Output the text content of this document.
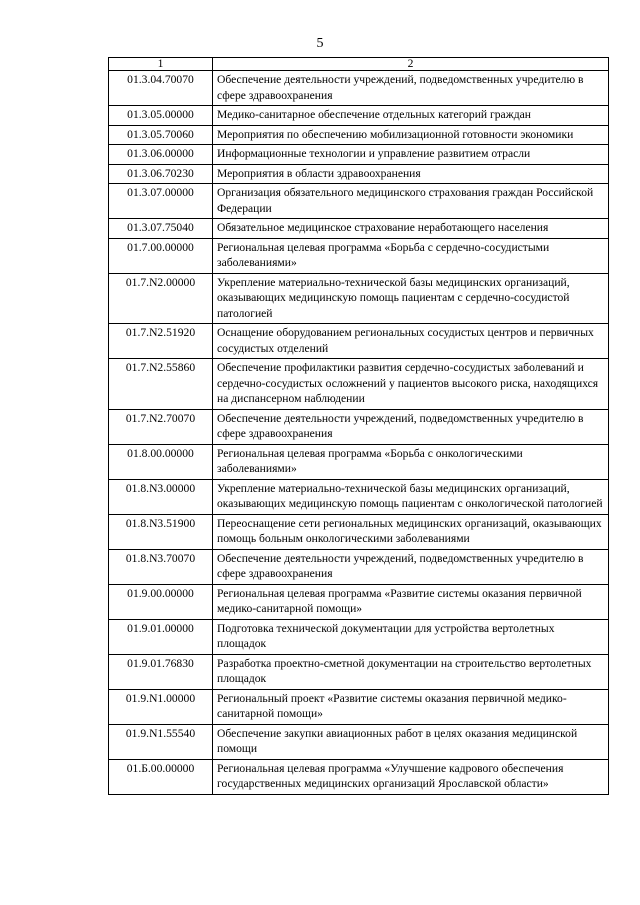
5
1	2
01.3.04.70070	Обеспечение деятельности учреждений, подведомственных учредителю в сфере здравоохранения
01.3.05.00000	Медико-санитарное обеспечение отдельных категорий граждан
01.3.05.70060	Мероприятия по обеспечению мобилизационной готовности экономики
01.3.06.00000	Информационные технологии и управление развитием отрасли
01.3.06.70230	Мероприятия в области здравоохранения
01.3.07.00000	Организация обязательного медицинского страхования граждан Российской Федерации
01.3.07.75040	Обязательное медицинское страхование неработающего населения
01.7.00.00000	Региональная целевая программа «Борьба с сердечно-сосудистыми заболеваниями»
01.7.N2.00000	Укрепление материально-технической базы медицинских организаций, оказывающих медицинскую помощь пациентам с сердечно-сосудистой патологией
01.7.N2.51920	Оснащение оборудованием региональных сосудистых центров и первичных сосудистых отделений
01.7.N2.55860	Обеспечение профилактики развития сердечно-сосудистых заболеваний и сердечно-сосудистых осложнений у пациентов высокого риска, находящихся на диспансерном наблюдении
01.7.N2.70070	Обеспечение деятельности учреждений, подведомственных учредителю в сфере здравоохранения
01.8.00.00000	Региональная целевая программа «Борьба с онкологическими заболеваниями»
01.8.N3.00000	Укрепление материально-технической базы медицинских организаций, оказывающих медицинскую помощь пациентам с онкологической патологией
01.8.N3.51900	Переоснащение сети региональных медицинских организаций, оказывающих помощь больным онкологическими заболеваниями
01.8.N3.70070	Обеспечение деятельности учреждений, подведомственных учредителю в сфере здравоохранения
01.9.00.00000	Региональная целевая программа «Развитие системы оказания первичной медико-санитарной помощи»
01.9.01.00000	Подготовка технической документации для устройства вертолетных площадок
01.9.01.76830	Разработка проектно-сметной документации на строительство вертолетных площадок
01.9.N1.00000	Региональный проект «Развитие системы оказания первичной медико-санитарной помощи»
01.9.N1.55540	Обеспечение закупки авиационных работ в целях оказания медицинской помощи
01.Б.00.00000	Региональная целевая программа «Улучшение кадрового обеспечения государственных медицинских организаций Ярославской области»
